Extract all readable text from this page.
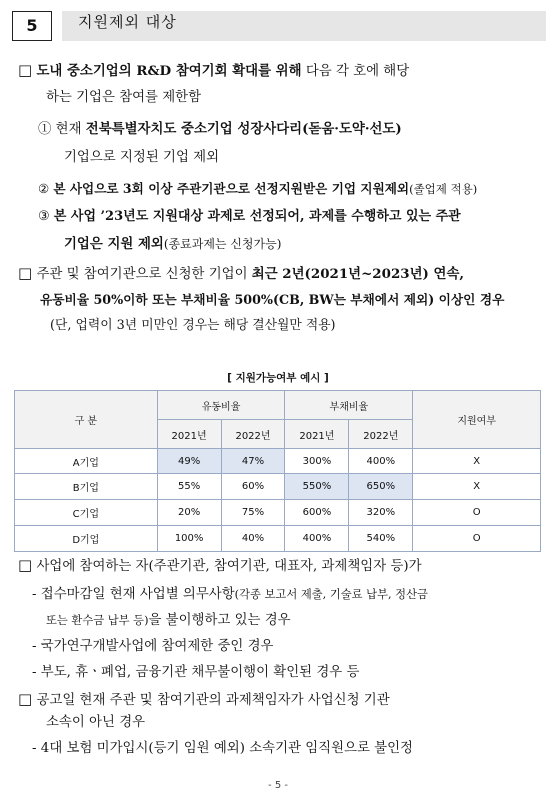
5	지원제외 대상
□ 도내 중소기업의 R&D 참여기회 확대를 위해 다음 각 호에 해당
하는 기업은 참여를 제한함
① 현재 전북특별자치도 중소기업 성장사다리(돋움·도약·선도)
기업으로 지정된 기업 제외
② 본 사업으로 3회 이상 주관기관으로 선정지원받은 기업 지원제외(졸업제 적용)
③ 본 사업 ’23년도 지원대상 과제로 선정되어, 과제를 수행하고 있는 주관
기업은 지원 제외(종료과제는 신청가능)
□ 주관 및 참여기관으로 신청한 기업이 최근 2년(2021년~2023년) 연속,
유동비율 50%이하 또는 부채비율 500%(CB, BW는 부채에서 제외) 이상인 경우
(단, 업력이 3년 미만인 경우는 해당 결산월만 적용)
[ 지원가능여부 예시 ]
구 분	유동비율		부채비율		지원여부
	2021년	2022년	2021년	2022년	
A기업	49%	47%	300%	400%	X
B기업	55%	60%	550%	650%	X
C기업	20%	75%	600%	320%	O
D기업	100%	40%	400%	540%	O
□ 사업에 참여하는 자(주관기관, 참여기관, 대표자, 과제책임자 등)가
- 접수마감일 현재 사업별 의무사항(각종 보고서 제출, 기술료 납부, 정산금
또는 환수금 납부 등)을 불이행하고 있는 경우
- 국가연구개발사업에 참여제한 중인 경우
- 부도, 휴ㆍ폐업, 금융기관 채무불이행이 확인된 경우 등
□ 공고일 현재 주관 및 참여기관의 과제책임자가 사업신청 기관
소속이 아닌 경우
- 4대 보험 미가입시(등기 임원 예외) 소속기관 임직원으로 불인정
- 5 -
